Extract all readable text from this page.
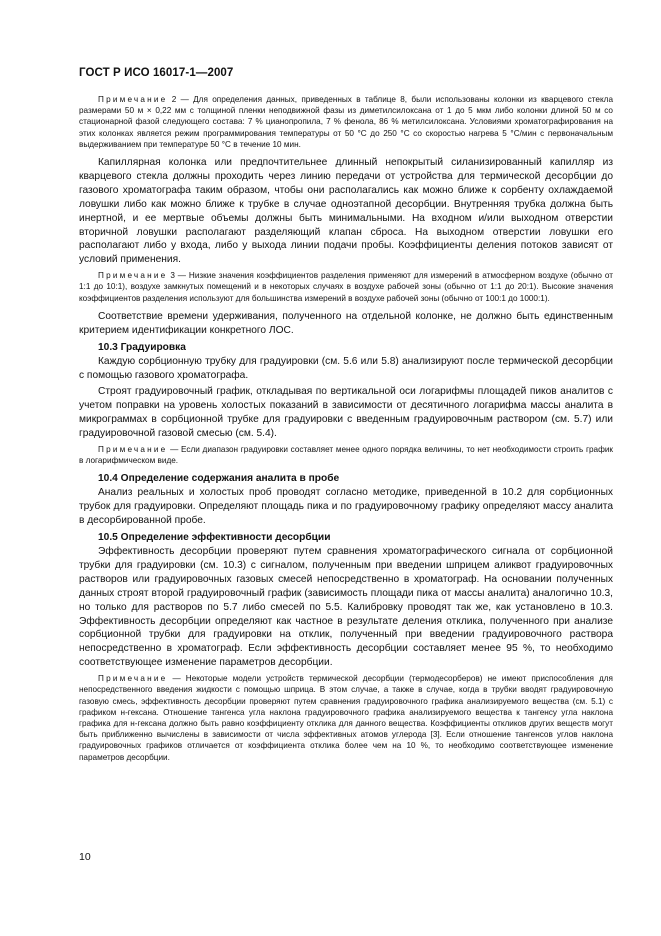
ГОСТ Р ИСО 16017-1—2007

Примечание 2 — Для определения данных, приведенных в таблице 8, были использованы колонки из кварцевого стекла размерами 50 м × 0,22 мм с толщиной пленки неподвижной фазы из диметилсилоксана от 1 до 5 мкм либо колонки длиной 50 м со стационарной фазой следующего состава: 7 % цианопропила, 7 % фенола, 86 % метилсилоксана. Условиями хроматографирования на этих колонках является режим программирования температуры от 50 °C до 250 °C со скоростью нагрева 5 °C/мин с первоначальным выдерживанием при температуре 50 °C в течение 10 мин.

Капиллярная колонка или предпочтительнее длинный непокрытый силанизированный капилляр из кварцевого стекла должны проходить через линию передачи от устройства для термической десорбции до газового хроматографа таким образом, чтобы они располагались как можно ближе к сорбенту охлаждаемой ловушки либо как можно ближе к трубке в случае одноэтапной десорбции. Внутренняя трубка должна быть инертной, и ее мертвые объемы должны быть минимальными. На входном и/или выходном отверстии вторичной ловушки располагают разделяющий клапан сброса. На выходном отверстии ловушки его располагают либо у входа, либо у выхода линии подачи пробы. Коэффициенты деления потоков зависят от условий применения.

Примечание 3 — Низкие значения коэффициентов разделения применяют для измерений в атмосферном воздухе (обычно от 1:1 до 10:1), воздухе замкнутых помещений и в некоторых случаях в воздухе рабочей зоны (обычно от 1:1 до 20:1). Высокие значения коэффициентов разделения используют для большинства измерений в воздухе рабочей зоны (обычно от 100:1 до 1000:1).

Соответствие времени удерживания, полученного на отдельной колонке, не должно быть единственным критерием идентификации конкретного ЛОС.

10.3 Градуировка

Каждую сорбционную трубку для градуировки (см. 5.6 или 5.8) анализируют после термической десорбции с помощью газового хроматографа.

Строят градуировочный график, откладывая по вертикальной оси логарифмы площадей пиков аналитов с учетом поправки на уровень холостых показаний в зависимости от десятичного логарифма массы аналита в микрограммах в сорбционной трубке для градуировки с введенным градуировочным раствором (см. 5.7) или градуировочной газовой смесью (см. 5.4).

Примечание — Если диапазон градуировки составляет менее одного порядка величины, то нет необходимости строить график в логарифмическом виде.

10.4 Определение содержания аналита в пробе

Анализ реальных и холостых проб проводят согласно методике, приведенной в 10.2 для сорбционных трубок для градуировки. Определяют площадь пика и по градуировочному графику определяют массу аналита в десорбированной пробе.

10.5 Определение эффективности десорбции

Эффективность десорбции проверяют путем сравнения хроматографического сигнала от сорбционной трубки для градуировки (см. 10.3) с сигналом, полученным при введении шприцем аликвот градуировочных растворов или градуировочных газовых смесей непосредственно в хроматограф. На основании полученных данных строят второй градуировочный график (зависимость площади пика от массы аналита) аналогично 10.3, но только для растворов по 5.7 либо смесей по 5.5. Калибровку проводят так же, как установлено в 10.3. Эффективность десорбции определяют как частное в результате деления отклика, полученного при анализе сорбционной трубки для градуировки на отклик, полученный при введении градуировочного раствора непосредственно в хроматограф. Если эффективность десорбции составляет менее 95 %, то необходимо соответствующее изменение параметров десорбции.

Примечание — Некоторые модели устройств термической десорбции (термодесорберов) не имеют приспособления для непосредственного введения жидкости с помощью шприца. В этом случае, а также в случае, когда в трубки вводят градуировочную газовую смесь, эффективность десорбции проверяют путем сравнения градуировочного графика анализируемого вещества (см. 5.1) с графиком н-гексана. Отношение тангенса угла наклона градуировочного графика анализируемого вещества к тангенсу угла наклона графика для н-гексана должно быть равно коэффициенту отклика для данного вещества. Коэффициенты откликов других веществ могут быть приближенно вычислены в зависимости от числа эффективных атомов углерода [3]. Если отношение тангенсов углов наклона градуировочных графиков отличается от коэффициента отклика более чем на 10 %, то необходимо соответствующее изменение параметров десорбции.

10
